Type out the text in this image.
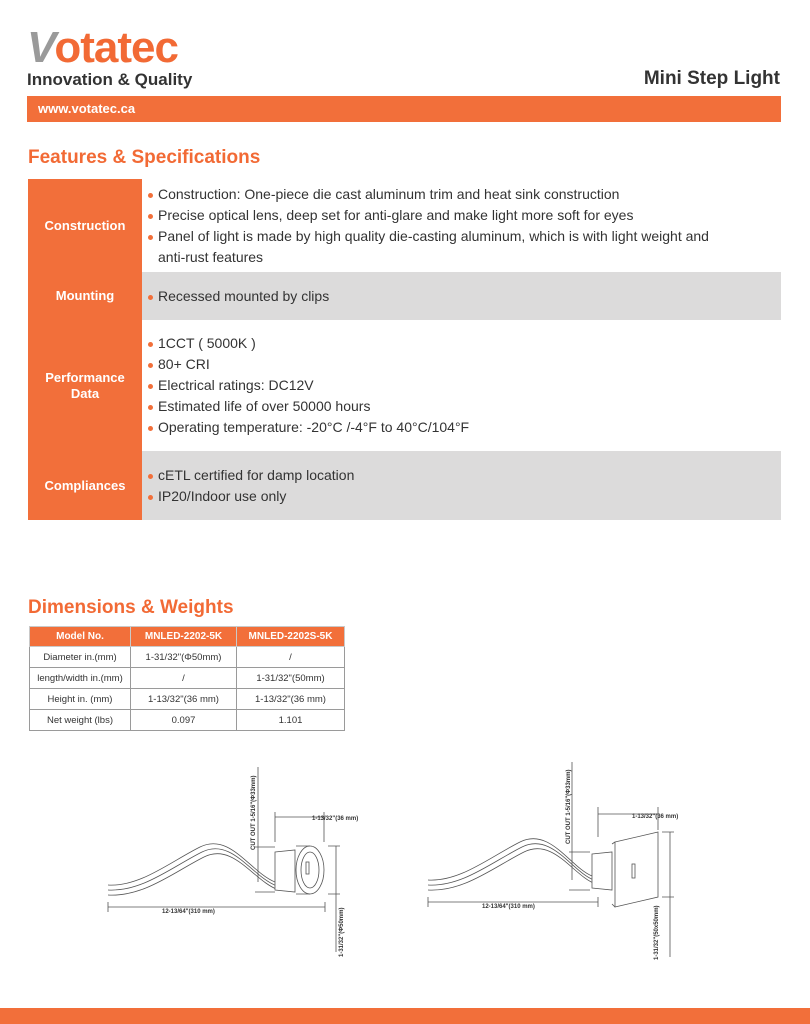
V otatec
Innovation & Quality	Mini Step Light
www.votatec.ca
Features & Specifications
Construction
Construction: One-piece die cast aluminum trim and heat sink construction
Precise optical lens, deep set for anti-glare and make light more soft for eyes
Panel of light is made by high quality die-casting aluminum, which is with light weight and
anti-rust features
Mounting	Recessed mounted by clips
Performance
Data
1CCT ( 5000K )
80+ CRI
Electrical ratings: DC12V
Estimated life of over 50000 hours
Operating temperature: -20°C /-4°F to 40°C/104°F
Compliances
cETL certified for damp location
IP20/Indoor use only
Dimensions & Weights
Model No.	MNLED-2202-5K	MNLED-2202S-5K
Diameter in.(mm)	1-31/32"(Φ50mm)	/
length/width in.(mm)	/	1-31/32"(50mm)
Height in. (mm)	1-13/32"(36 mm)	1-13/32"(36 mm)
Net weight (lbs)	0.097	1.101
CUT OUT 1-5/16"(Φ33mm)	1-13/32"(36 mm)
12-13/64"(310 mm)	1-31/32"(Φ50mm)
CUT OUT 1-5/16"(Φ33mm)	1-13/32"(36 mm)
12-13/64"(310 mm)	1-31/32"(50x50mm)
